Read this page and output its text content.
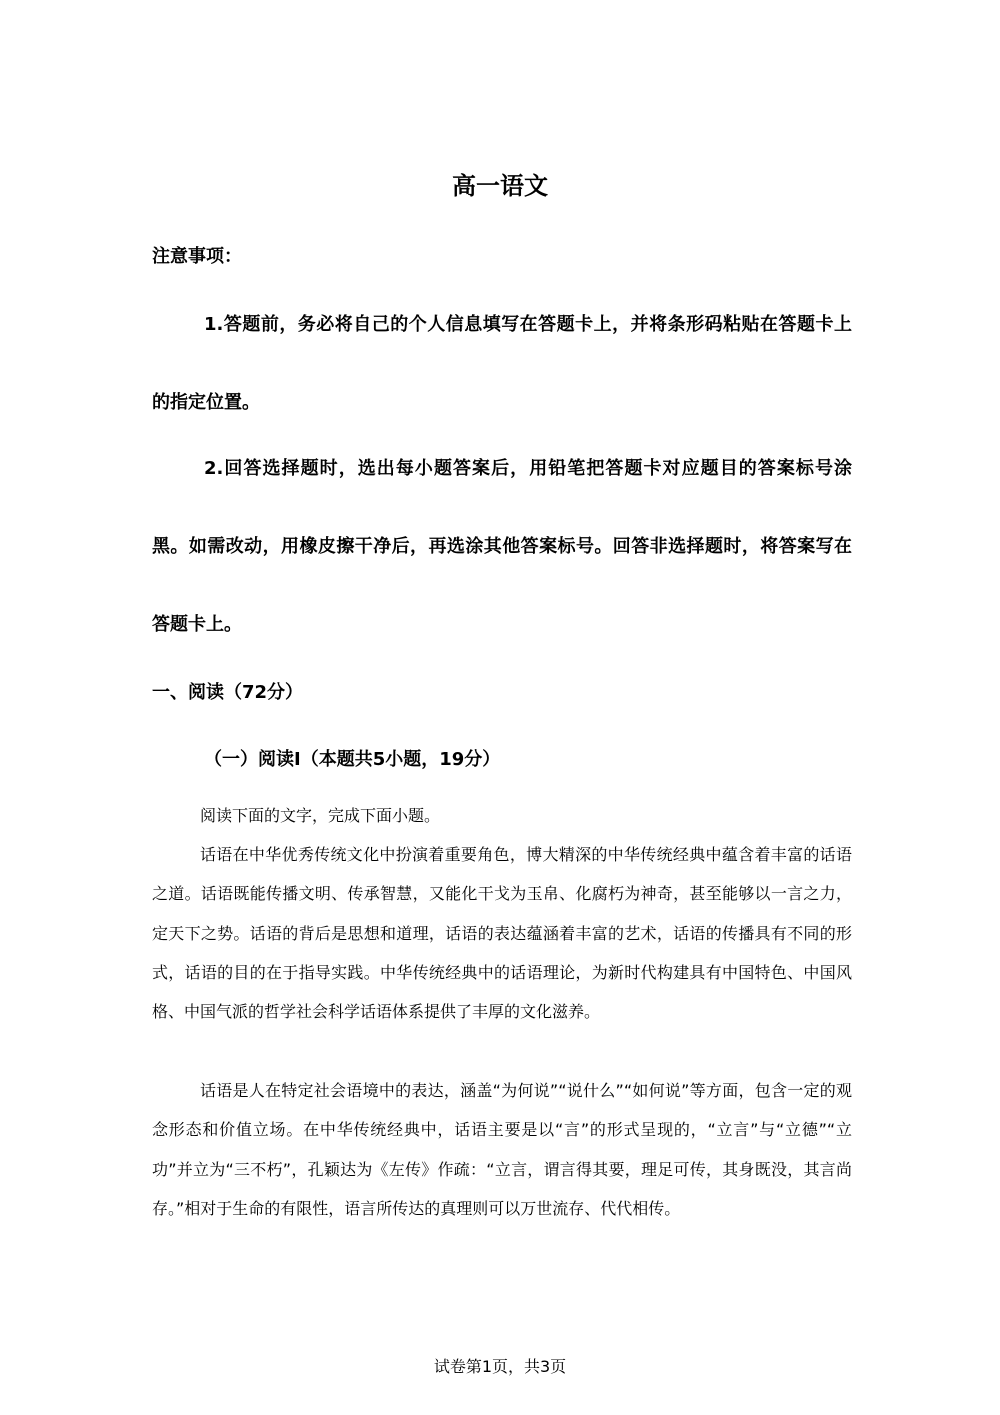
高一语文
注意事项：

1.答题前，务必将自己的个人信息填写在答题卡上，并将条形码粘贴在答题卡上的指定位置。

2.回答选择题时，选出每小题答案后，用铅笔把答题卡对应题目的答案标号涂黑。如需改动，用橡皮擦干净后，再选涂其他答案标号。回答非选择题时，将答案写在答题卡上。

一、阅读（72分）
（一）阅读Ⅰ（本题共5小题，19分）

阅读下面的文字，完成下面小题。

话语在中华优秀传统文化中扮演着重要角色，博大精深的中华传统经典中蕴含着丰富的话语之道。话语既能传播文明、传承智慧，又能化干戈为玉帛、化腐朽为神奇，甚至能够以一言之力，定天下之势。话语的背后是思想和道理，话语的表达蕴涵着丰富的艺术，话语的传播具有不同的形式，话语的目的在于指导实践。中华传统经典中的话语理论，为新时代构建具有中国特色、中国风格、中国气派的哲学社会科学话语体系提供了丰厚的文化滋养。

话语是人在特定社会语境中的表达，涵盖“为何说”“说什么”“如何说”等方面，包含一定的观念形态和价值立场。在中华传统经典中，话语主要是以“言”的形式呈现的，“立言”与“立德”“立功”并立为“三不朽”，孔颖达为《左传》作疏：“立言，谓言得其要，理足可传，其身既没，其言尚存。”相对于生命的有限性，语言所传达的真理则可以万世流存、代代相传。

试卷第1页，共3页
